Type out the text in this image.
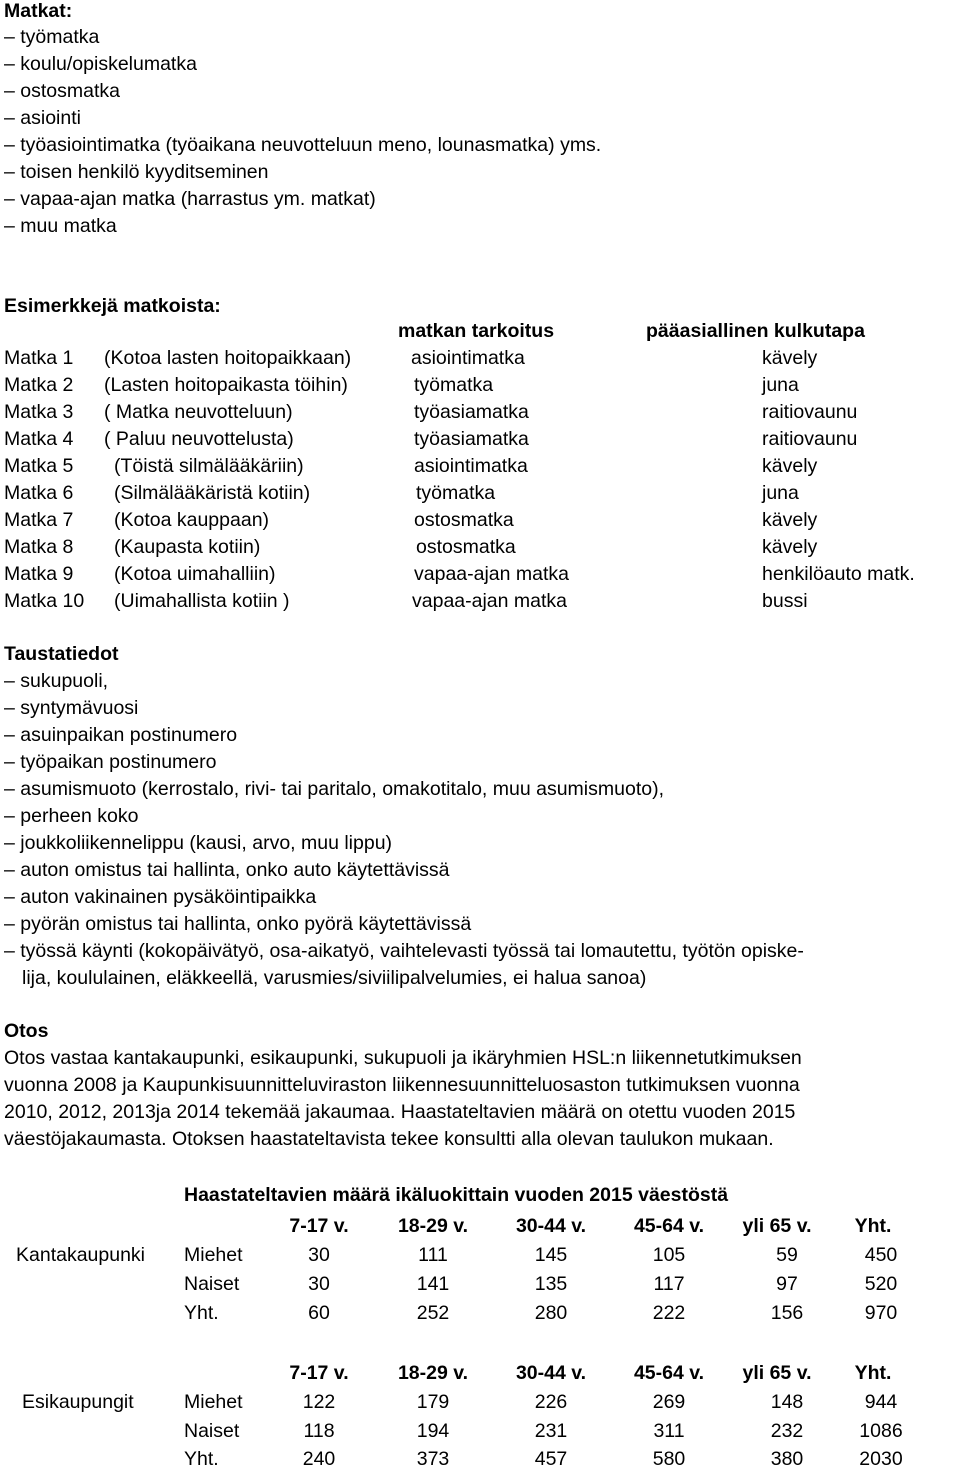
Matkat:
– työmatka
– koulu/opiskelumatka
– ostosmatka
– asiointi
– työasiointimatka (työaikana neuvotteluun meno, lounasmatka) yms.
– toisen henkilö kyyditseminen
– vapaa-ajan matka (harrastus ym. matkat)
– muu matka
Esimerkkejä matkoista:
matkan tarkoitus	pääasiallinen kulkutapa
Matka 1 (Kotoa lasten hoitopaikkaan)	asiointimatka	kävely
Matka 2 (Lasten hoitopaikasta töihin)	työmatka	juna
Matka 3 ( Matka neuvotteluun)	työasiamatka	raitiovaunu
Matka 4 ( Paluu neuvottelusta)	työasiamatka	raitiovaunu
Matka 5 (Töistä silmälääkäriin)	asiointimatka	kävely
Matka 6 (Silmälääkäristä kotiin)	työmatka	juna
Matka 7 (Kotoa kauppaan)	ostosmatka	kävely
Matka 8 (Kaupasta kotiin)	ostosmatka	kävely
Matka 9 (Kotoa uimahalliin)	vapaa-ajan matka	henkilöauto matk.
Matka 10 (Uimahallista kotiin )	vapaa-ajan matka	bussi
Taustatiedot
– sukupuoli,
– syntymävuosi
– asuinpaikan postinumero
– työpaikan postinumero
– asumismuoto (kerrostalo, rivi- tai paritalo, omakotitalo, muu asumismuoto),
– perheen koko
– joukkoliikennelippu (kausi, arvo, muu lippu)
– auton omistus tai hallinta, onko auto käytettävissä
– auton vakinainen pysäköintipaikka
– pyörän omistus tai hallinta, onko pyörä käytettävissä
– työssä käynti (kokopäivätyö, osa-aikatyö, vaihtelevasti työssä tai lomautettu, työtön opiske-
lija, koululainen, eläkkeellä, varusmies/siviilipalvelumies, ei halua sanoa)
Otos
Otos vastaa kantakaupunki, esikaupunki, sukupuoli ja ikäryhmien HSL:n liikennetutkimuksen
vuonna 2008 ja Kaupunkisuunnitteluviraston liikennesuunnitteluosaston tutkimuksen vuonna
2010, 2012, 2013ja 2014 tekemää jakaumaa. Haastateltavien määrä on otettu vuoden 2015
väestöjakaumasta. Otoksen haastateltavista tekee konsultti alla olevan taulukon mukaan.
Haastateltavien määrä ikäluokittain vuoden 2015 väestöstä
7-17 v.	18-29 v.	30-44 v.	45-64 v.	yli 65 v.	Yht.
Kantakaupunki Miehet	30	111	145	105	59	450
Naiset	30	141	135	117	97	520
Yht.	60	252	280	222	156	970
7-17 v.	18-29 v.	30-44 v.	45-64 v.	yli 65 v.	Yht.
Esikaupungit	Miehet	122	179	226	269	148	944
Naiset	118	194	231	311	232	1086
Yht.	240	373	457	580	380	2030
